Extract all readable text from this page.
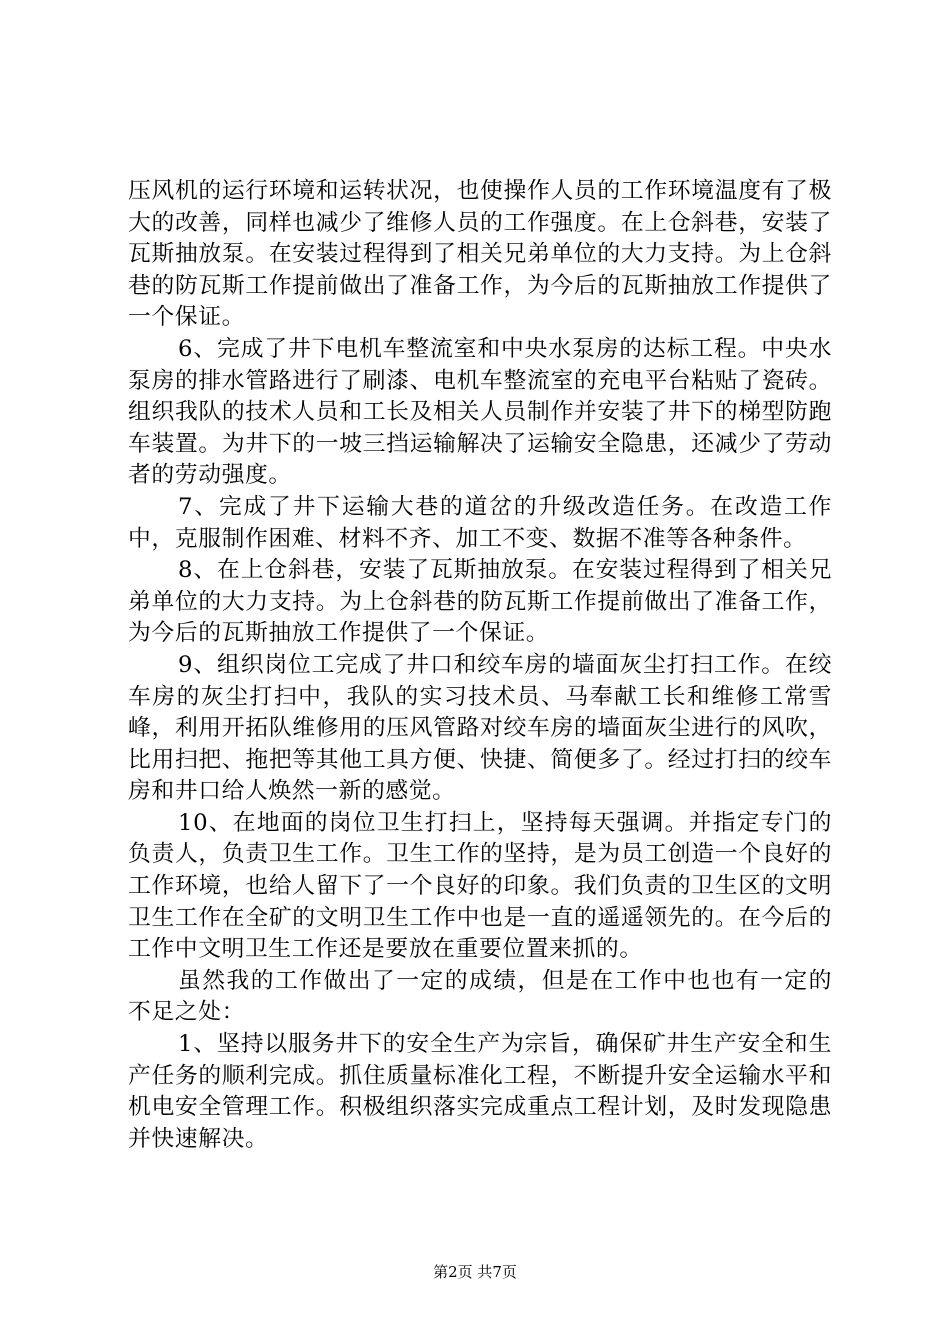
压风机的运行环境和运转状况，也使操作人员的工作环境温度有了极大的改善，同样也减少了维修人员的工作强度。在上仓斜巷，安装了瓦斯抽放泵。在安装过程得到了相关兄弟单位的大力支持。为上仓斜巷的防瓦斯工作提前做出了准备工作，为今后的瓦斯抽放工作提供了一个保证。

6、完成了井下电机车整流室和中央水泵房的达标工程。中央水泵房的排水管路进行了刷漆、电机车整流室的充电平台粘贴了瓷砖。组织我队的技术人员和工长及相关人员制作并安装了井下的梯型防跑车装置。为井下的一坡三挡运输解决了运输安全隐患，还减少了劳动者的劳动强度。

7、完成了井下运输大巷的道岔的升级改造任务。在改造工作中，克服制作困难、材料不齐、加工不变、数据不准等各种条件。

8、在上仓斜巷，安装了瓦斯抽放泵。在安装过程得到了相关兄弟单位的大力支持。为上仓斜巷的防瓦斯工作提前做出了准备工作，为今后的瓦斯抽放工作提供了一个保证。

9、组织岗位工完成了井口和绞车房的墙面灰尘打扫工作。在绞车房的灰尘打扫中，我队的实习技术员、马奉献工长和维修工常雪峰，利用开拓队维修用的压风管路对绞车房的墙面灰尘进行的风吹，比用扫把、拖把等其他工具方便、快捷、简便多了。经过打扫的绞车房和井口给人焕然一新的感觉。

10、在地面的岗位卫生打扫上，坚持每天强调。并指定专门的负责人，负责卫生工作。卫生工作的坚持，是为员工创造一个良好的工作环境，也给人留下了一个良好的印象。我们负责的卫生区的文明卫生工作在全矿的文明卫生工作中也是一直的遥遥领先的。在今后的工作中文明卫生工作还是要放在重要位置来抓的。

虽然我的工作做出了一定的成绩，但是在工作中也也有一定的不足之处：

1、坚持以服务井下的安全生产为宗旨，确保矿井生产安全和生产任务的顺利完成。抓住质量标准化工程，不断提升安全运输水平和机电安全管理工作。积极组织落实完成重点工程计划，及时发现隐患并快速解决。

第2页 共7页
